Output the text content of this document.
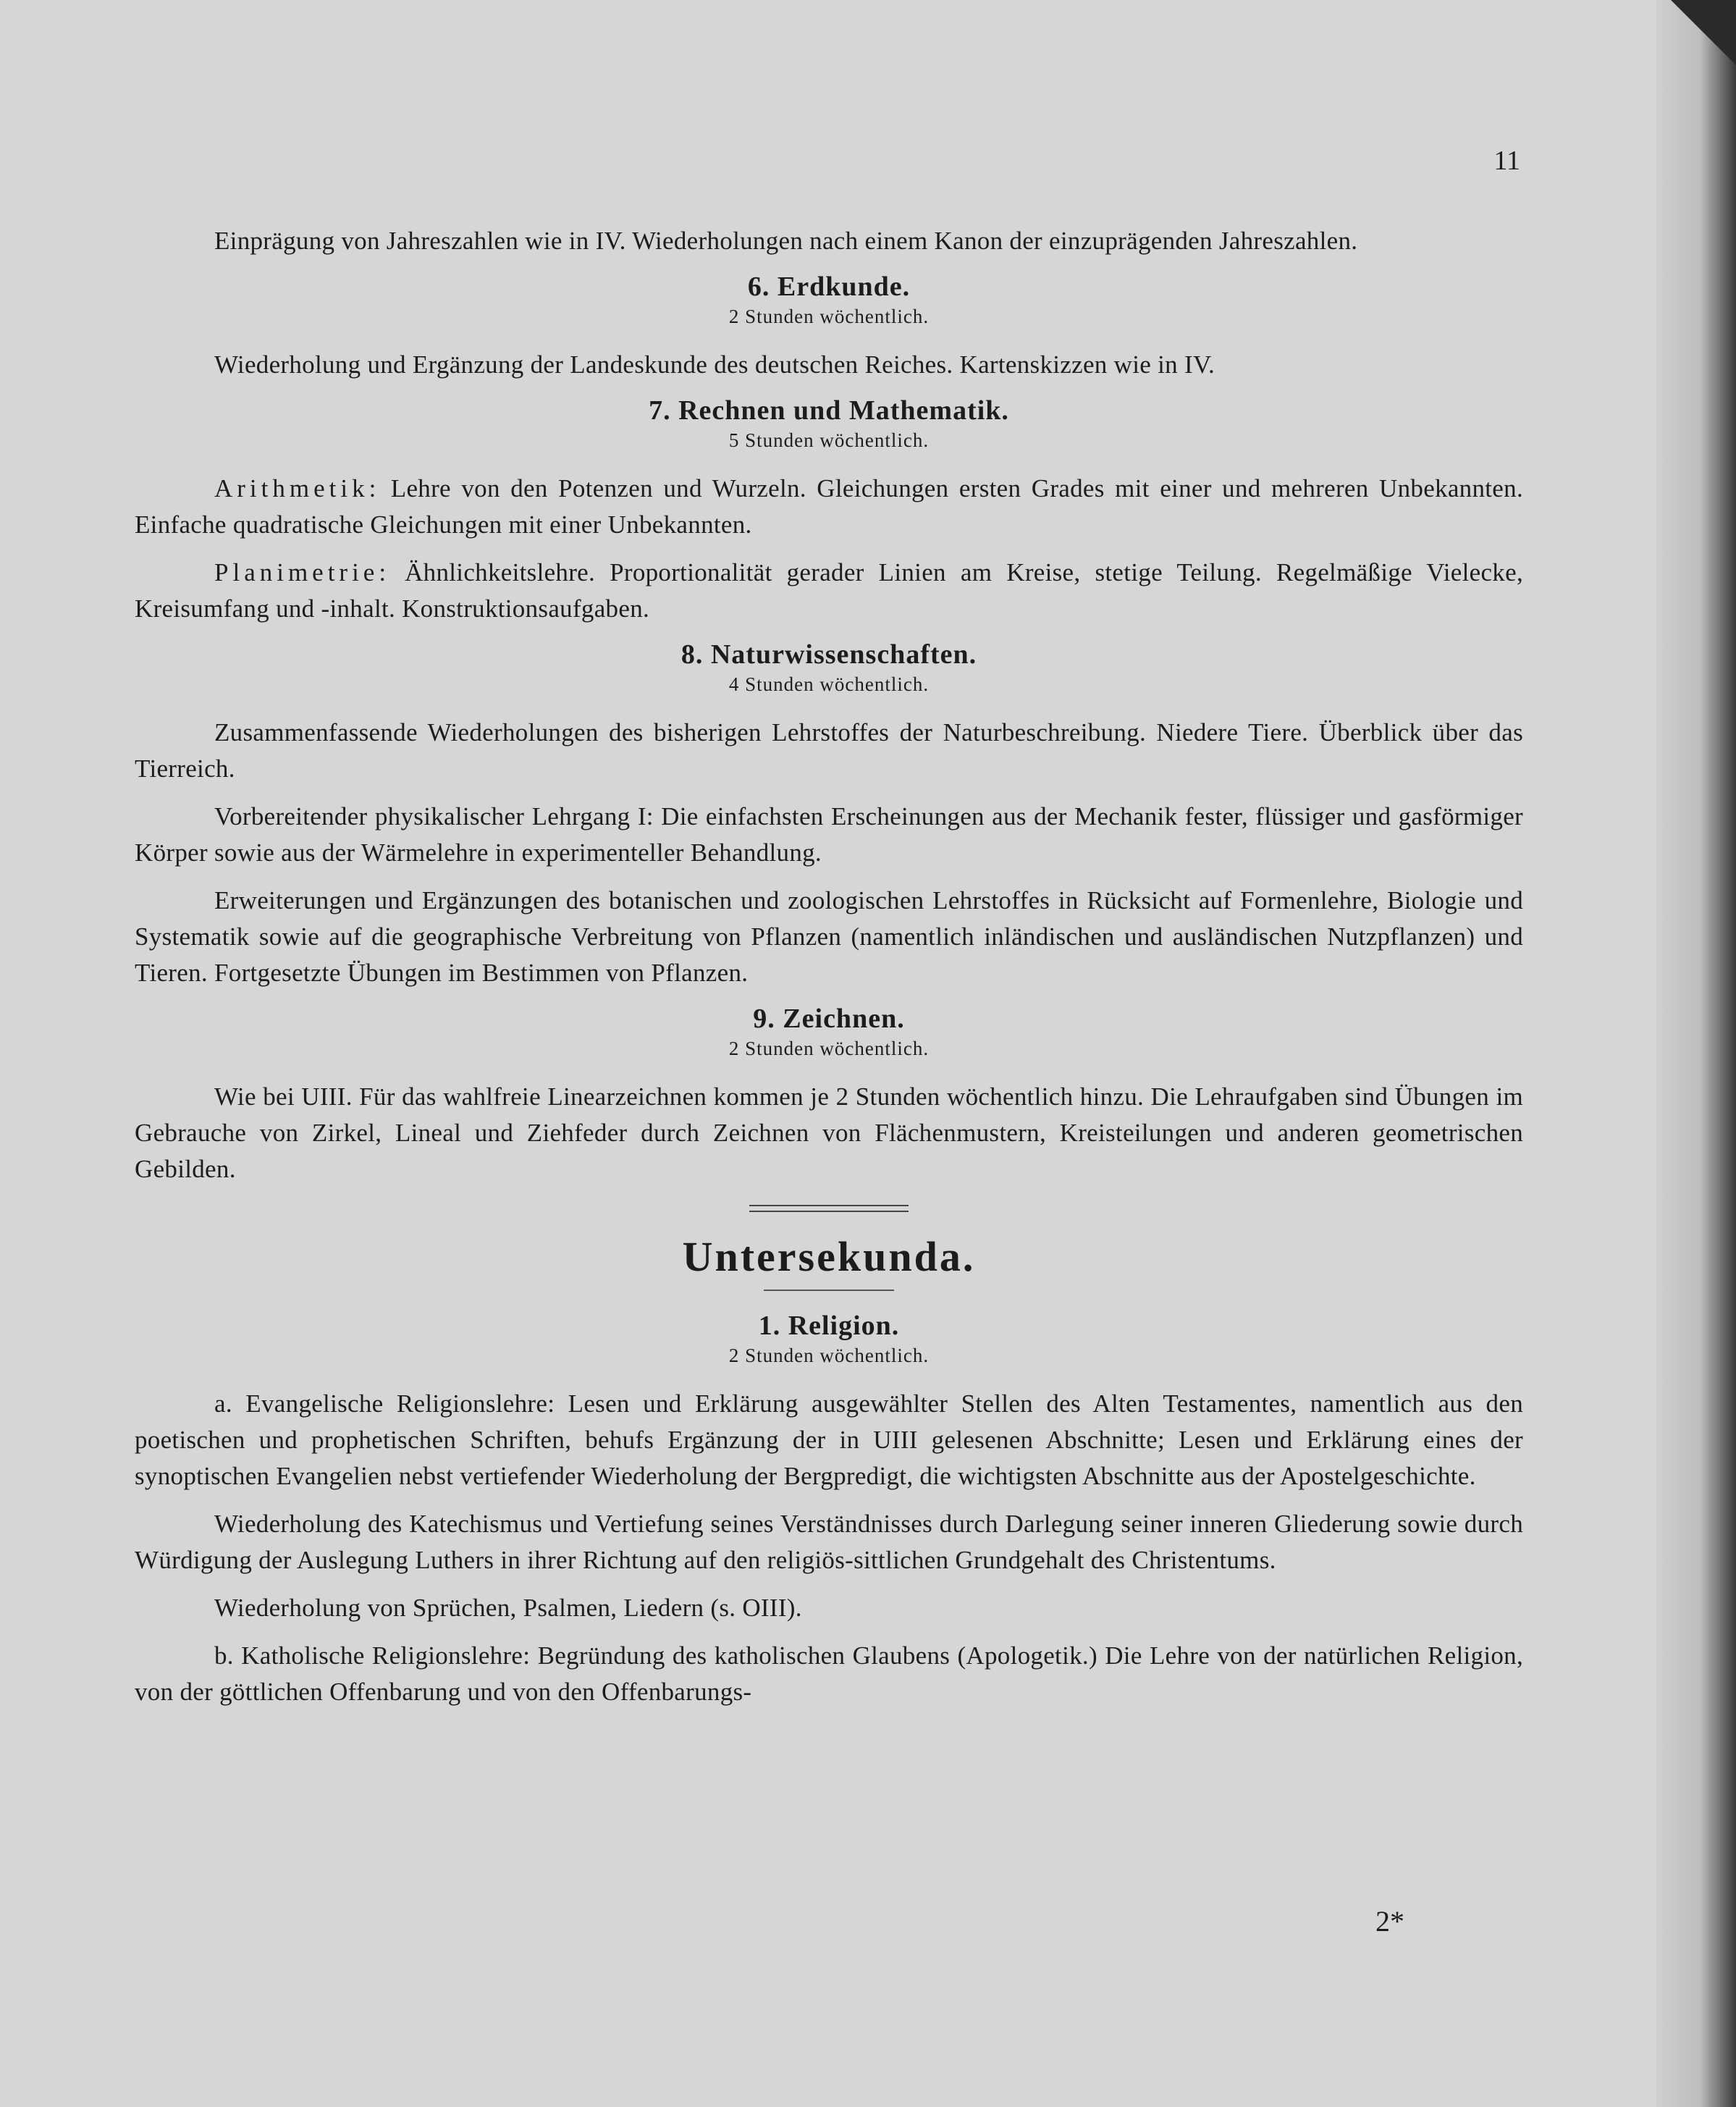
11

Einprägung von Jahreszahlen wie in IV. Wiederholungen nach einem Kanon der einzuprägenden Jahreszahlen.

6. Erdkunde.
2 Stunden wöchentlich.

Wiederholung und Ergänzung der Landeskunde des deutschen Reiches. Kartenskizzen wie in IV.

7. Rechnen und Mathematik.
5 Stunden wöchentlich.

Arithmetik: Lehre von den Potenzen und Wurzeln. Gleichungen ersten Grades mit einer und mehreren Unbekannten. Einfache quadratische Gleichungen mit einer Unbekannten.

Planimetrie: Ähnlichkeitslehre. Proportionalität gerader Linien am Kreise, stetige Teilung. Regelmäßige Vielecke, Kreisumfang und -inhalt. Konstruktionsaufgaben.

8. Naturwissenschaften.
4 Stunden wöchentlich.

Zusammenfassende Wiederholungen des bisherigen Lehrstoffes der Naturbeschreibung. Niedere Tiere. Überblick über das Tierreich.

Vorbereitender physikalischer Lehrgang I: Die einfachsten Erscheinungen aus der Mechanik fester, flüssiger und gasförmiger Körper sowie aus der Wärmelehre in experimenteller Behandlung.

Erweiterungen und Ergänzungen des botanischen und zoologischen Lehrstoffes in Rücksicht auf Formenlehre, Biologie und Systematik sowie auf die geographische Verbreitung von Pflanzen (namentlich inländischen und ausländischen Nutzpflanzen) und Tieren. Fortgesetzte Übungen im Bestimmen von Pflanzen.

9. Zeichnen.
2 Stunden wöchentlich.

Wie bei UIII. Für das wahlfreie Linearzeichnen kommen je 2 Stunden wöchentlich hinzu. Die Lehraufgaben sind Übungen im Gebrauche von Zirkel, Lineal und Ziehfeder durch Zeichnen von Flächenmustern, Kreisteilungen und anderen geometrischen Gebilden.

Untersekunda.
1. Religion.
2 Stunden wöchentlich.

a. Evangelische Religionslehre: Lesen und Erklärung ausgewählter Stellen des Alten Testamentes, namentlich aus den poetischen und prophetischen Schriften, behufs Ergänzung der in UIII gelesenen Abschnitte; Lesen und Erklärung eines der synoptischen Evangelien nebst vertiefender Wiederholung der Bergpredigt, die wichtigsten Abschnitte aus der Apostelgeschichte.

Wiederholung des Katechismus und Vertiefung seines Verständnisses durch Darlegung seiner inneren Gliederung sowie durch Würdigung der Auslegung Luthers in ihrer Richtung auf den religiös-sittlichen Grundgehalt des Christentums.

Wiederholung von Sprüchen, Psalmen, Liedern (s. OIII).

b. Katholische Religionslehre: Begründung des katholischen Glaubens (Apologetik.) Die Lehre von der natürlichen Religion, von der göttlichen Offenbarung und von den Offenbarungs-

2*
